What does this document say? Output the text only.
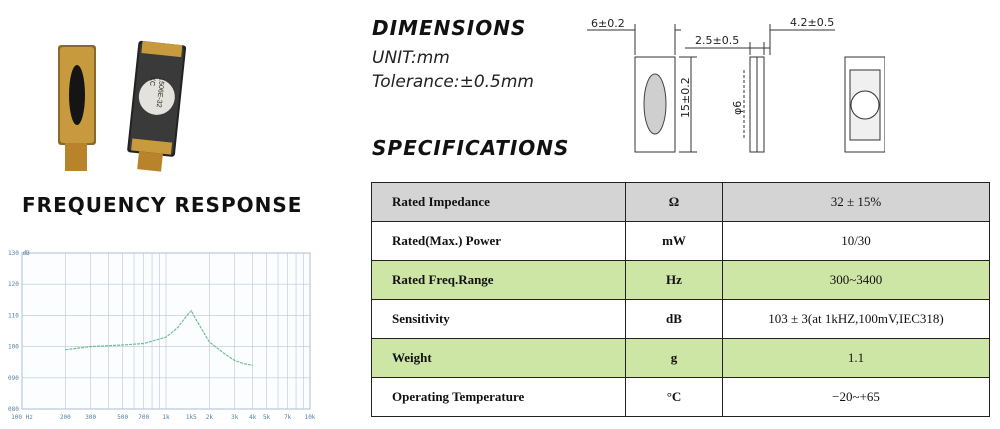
XC
1506E-32
FREQUENCY RESPONSE
DIMENSIONS
UNIT:mm
Tolerance:±0.5mm
SPECIFICATIONS
100 Hz	200 300	500 700 1k	1k5 2k	3k 4k 5k 7k 10k
130 dB
120
110
100
090
080
6±0.2
2.5±0.5
4.2±0.5
15±0.2	φ6
Rated Impedance	Ω	32 ± 15%
Rated(Max.) Power	mW	10/30
Rated Freq.Range	Hz	300~3400
Sensitivity	dB	103 ± 3(at 1kHZ,100mV,IEC318)
Weight	g	1.1
Operating Temperature	°C	−20~+65
